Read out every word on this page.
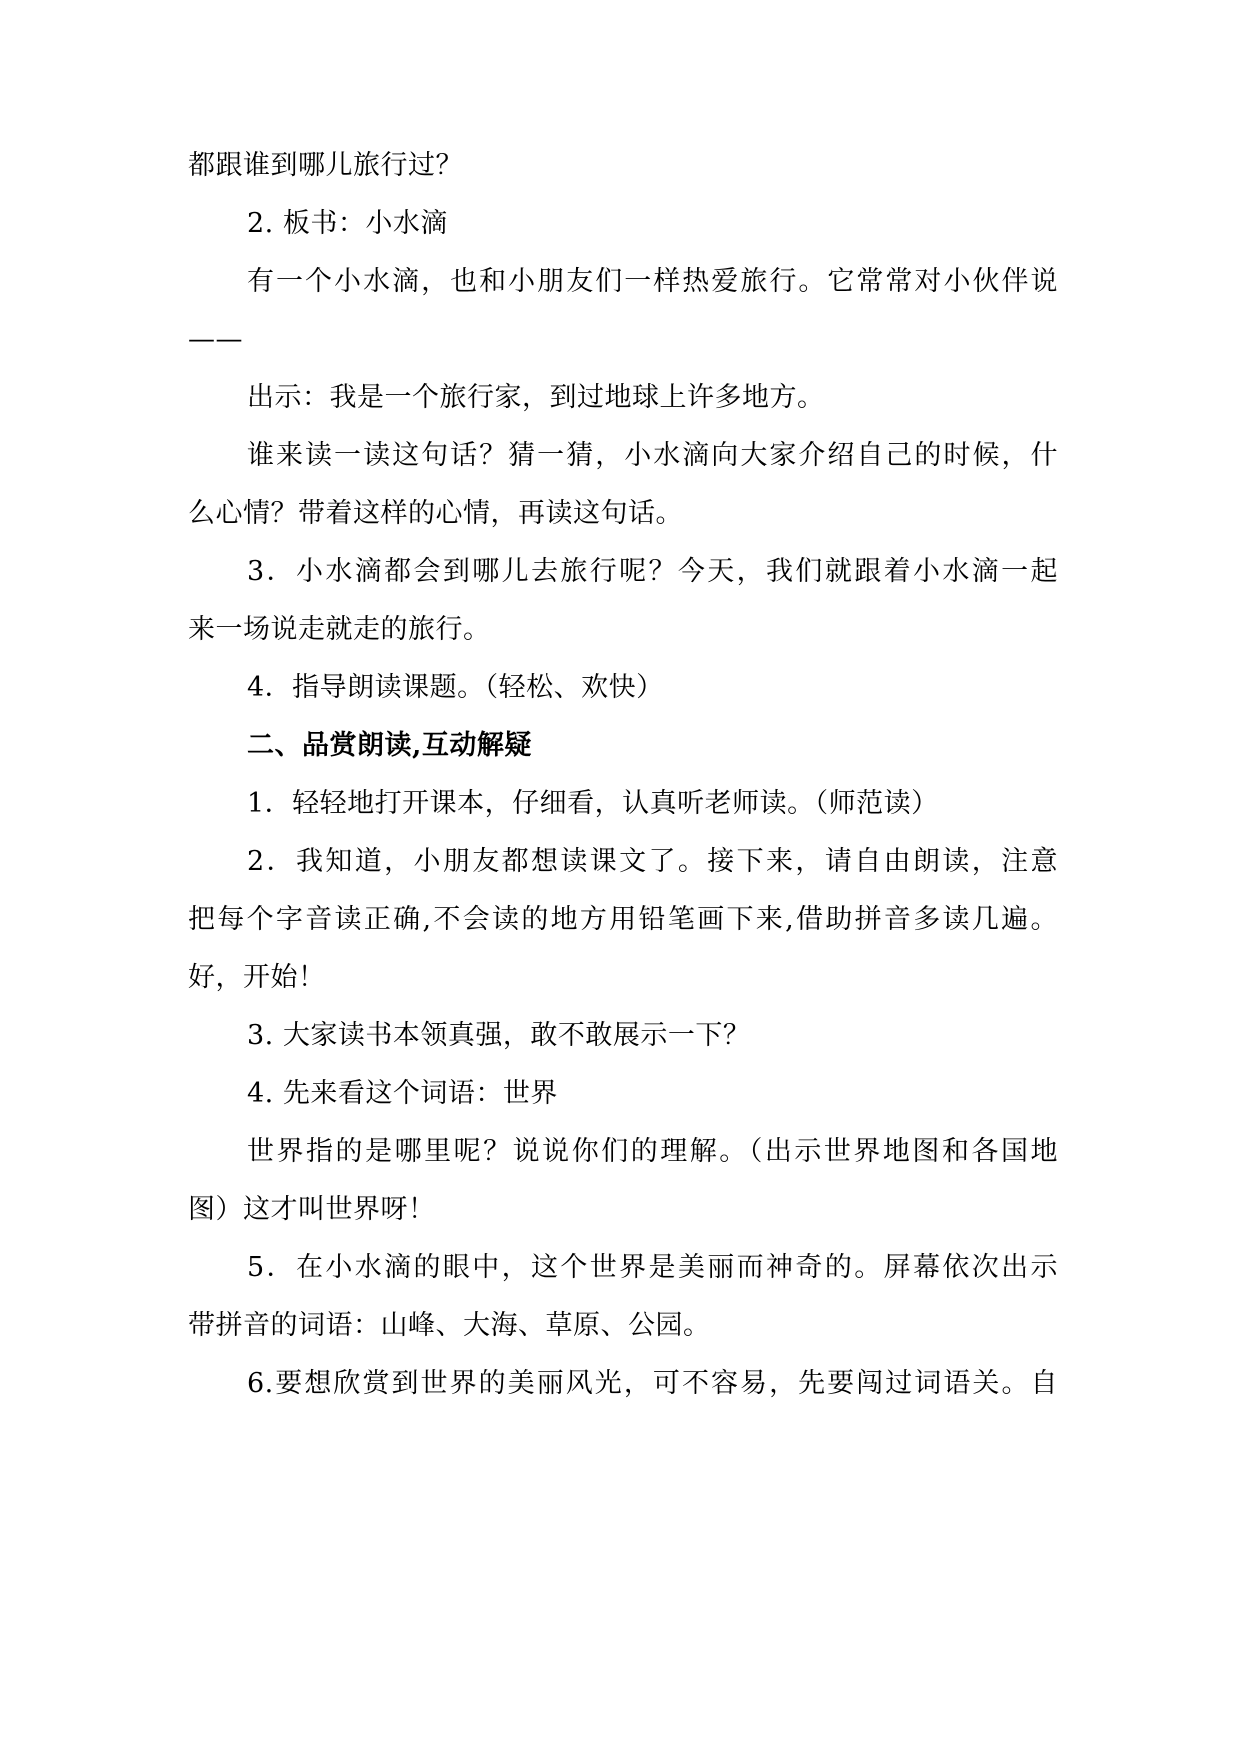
都跟谁到哪儿旅行过？
2. 板书：小水滴
有一个小水滴，也和小朋友们一样热爱旅行。它常常对小伙伴说
——
出示：我是一个旅行家，到过地球上许多地方。
谁来读一读这句话？猜一猜，小水滴向大家介绍自己的时候，什
么心情？带着这样的心情，再读这句话。
3．小水滴都会到哪儿去旅行呢？今天，我们就跟着小水滴一起
来一场说走就走的旅行。
4．指导朗读课题。（轻松、欢快）
二、品赏朗读,互动解疑
1．轻轻地打开课本，仔细看，认真听老师读。（师范读）
2．我知道，小朋友都想读课文了。接下来，请自由朗读，注意
把每个字音读正确,不会读的地方用铅笔画下来,借助拼音多读几遍。
好，开始！
3. 大家读书本领真强，敢不敢展示一下？
4. 先来看这个词语：世界
世界指的是哪里呢？说说你们的理解。（出示世界地图和各国地
图）这才叫世界呀！
5．在小水滴的眼中，这个世界是美丽而神奇的。屏幕依次出示
带拼音的词语：山峰、大海、草原、公园。
6.要想欣赏到世界的美丽风光，可不容易，先要闯过词语关。自
